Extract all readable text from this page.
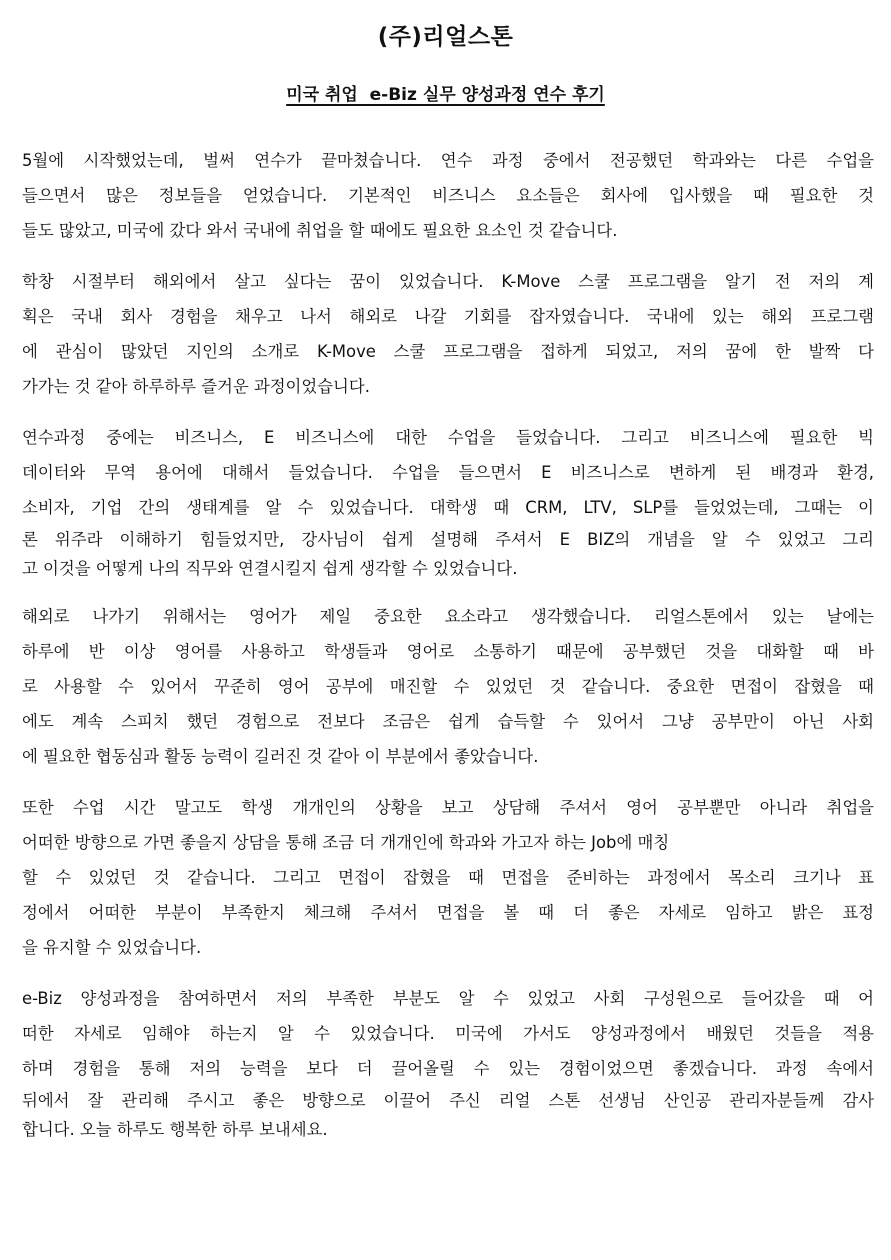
(주)리얼스톤
미국 취업  e-Biz 실무 양성과정 연수 후기

5월에 시작했었는데, 벌써 연수가 끝마쳤습니다. 연수 과정 중에서 전공했던 학과와는 다른 수업을
들으면서 많은 정보들을 얻었습니다. 기본적인 비즈니스 요소들은 회사에 입사했을 때 필요한 것
들도 많았고, 미국에 갔다 와서 국내에 취업을 할 때에도 필요한 요소인 것 같습니다.

학창 시절부터 해외에서 살고 싶다는 꿈이 있었습니다. K-Move 스쿨 프로그램을 알기 전 저의 계
획은 국내 회사 경험을 채우고 나서 해외로 나갈 기회를 잡자였습니다. 국내에 있는 해외 프로그램
에 관심이 많았던 지인의 소개로 K-Move 스쿨 프로그램을 접하게 되었고, 저의 꿈에 한 발짝 다
가가는 것 같아 하루하루 즐거운 과정이었습니다.

연수과정 중에는 비즈니스, E 비즈니스에 대한 수업을 들었습니다. 그리고 비즈니스에 필요한 빅
데이터와 무역 용어에 대해서 들었습니다. 수업을 들으면서 E 비즈니스로 변하게 된 배경과 환경,
소비자, 기업 간의 생태계를 알 수 있었습니다. 대학생 때 CRM, LTV, SLP를 들었었는데, 그때는 이
론 위주라 이해하기 힘들었지만, 강사님이 쉽게 설명해 주셔서 E BIZ의 개념을 알 수 있었고 그리
고 이것을 어떻게 나의 직무와 연결시킬지 쉽게 생각할 수 있었습니다.

해외로 나가기 위해서는 영어가 제일 중요한 요소라고 생각했습니다. 리얼스톤에서 있는 날에는
하루에 반 이상 영어를 사용하고 학생들과 영어로 소통하기 때문에 공부했던 것을 대화할 때 바
로 사용할 수 있어서 꾸준히 영어 공부에 매진할 수 있었던 것 같습니다. 중요한 면접이 잡혔을 때
에도 계속 스피치 했던 경험으로 전보다 조금은 쉽게 습득할 수 있어서 그냥 공부만이 아닌 사회
에 필요한 협동심과 활동 능력이 길러진 것 같아 이 부분에서 좋았습니다.

또한 수업 시간 말고도 학생 개개인의 상황을 보고 상담해 주셔서 영어 공부뿐만 아니라 취업을
어떠한 방향으로 가면 좋을지 상담을 통해 조금 더 개개인에 학과와 가고자 하는 Job에 매칭
할 수 있었던 것 같습니다. 그리고 면접이 잡혔을 때 면접을 준비하는 과정에서 목소리 크기나 표
정에서 어떠한 부분이 부족한지 체크해 주셔서 면접을 볼 때 더 좋은 자세로 임하고 밝은 표정
을 유지할 수 있었습니다.

e-Biz 양성과정을 참여하면서 저의 부족한 부분도 알 수 있었고 사회 구성원으로 들어갔을 때 어
떠한 자세로 임해야 하는지 알 수 있었습니다. 미국에 가서도 양성과정에서 배웠던 것들을 적용
하며 경험을 통해 저의 능력을 보다 더 끌어올릴 수 있는 경험이었으면 좋겠습니다. 과정 속에서
뒤에서 잘 관리해 주시고 좋은 방향으로 이끌어 주신 리얼 스톤 선생님 산인공 관리자분들께 감사
합니다. 오늘 하루도 행복한 하루 보내세요.
